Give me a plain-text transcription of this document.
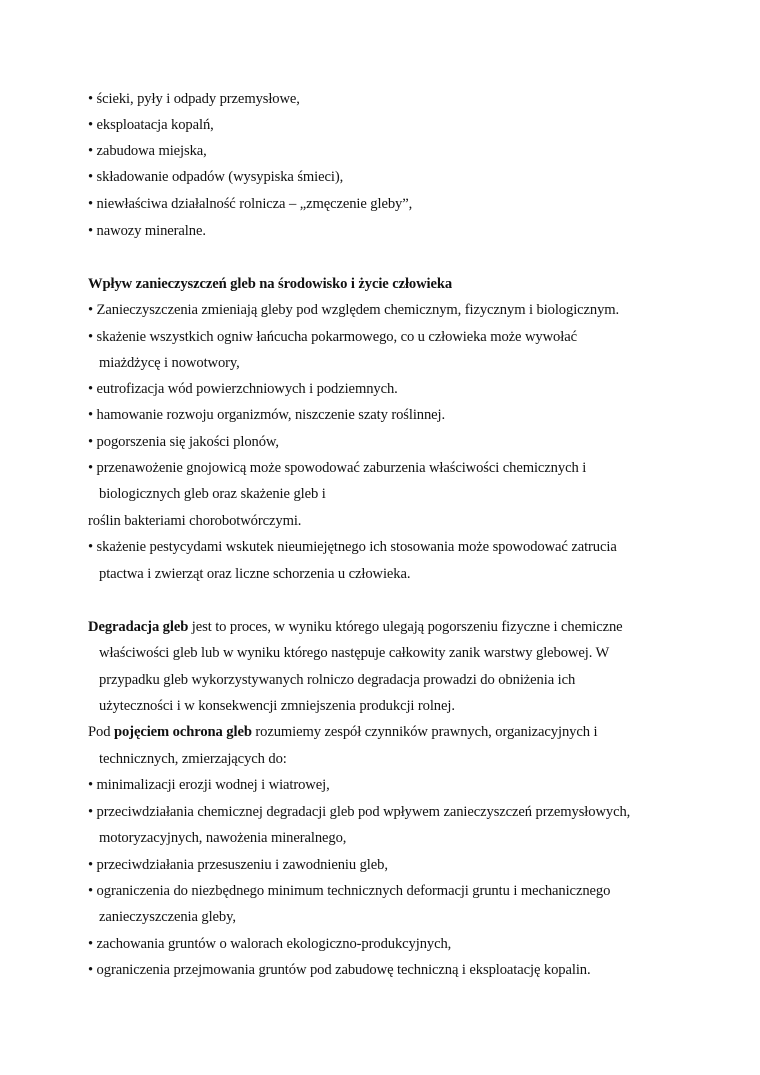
• ścieki, pyły i odpady przemysłowe,
• eksploatacja kopalń,
• zabudowa miejska,
• składowanie odpadów (wysypiska śmieci),
• niewłaściwa działalność rolnicza – „zmęczenie gleby”,
• nawozy mineralne.
Wpływ zanieczyszczeń gleb na środowisko i życie człowieka
• Zanieczyszczenia zmieniają gleby pod względem chemicznym, fizycznym i biologicznym.
• skażenie wszystkich ogniw łańcucha pokarmowego, co u człowieka może wywołać
miażdżycę i nowotwory,
• eutrofizacja wód powierzchniowych i podziemnych.
• hamowanie rozwoju organizmów, niszczenie szaty roślinnej.
• pogorszenia się jakości plonów,
• przenawożenie gnojowicą może spowodować zaburzenia właściwości chemicznych i
biologicznych gleb oraz skażenie gleb i
roślin bakteriami chorobotwórczymi.
• skażenie pestycydami wskutek nieumiejętnego ich stosowania może spowodować zatrucia
ptactwa i zwierząt oraz liczne schorzenia u człowieka.
Degradacja gleb jest to proces, w wyniku którego ulegają pogorszeniu fizyczne i chemiczne
właściwości gleb lub w wyniku którego następuje całkowity zanik warstwy glebowej. W
przypadku gleb wykorzystywanych rolniczo degradacja prowadzi do obniżenia ich
użyteczności i w konsekwencji zmniejszenia produkcji rolnej.
Pod pojęciem ochrona gleb rozumiemy zespół czynników prawnych, organizacyjnych i
technicznych, zmierzających do:
• minimalizacji erozji wodnej i wiatrowej,
• przeciwdziałania chemicznej degradacji gleb pod wpływem zanieczyszczeń przemysłowych,
motoryzacyjnych, nawożenia mineralnego,
• przeciwdziałania przesuszeniu i zawodnieniu gleb,
• ograniczenia do niezbędnego minimum technicznych deformacji gruntu i mechanicznego
zanieczyszczenia gleby,
• zachowania gruntów o walorach ekologiczno-produkcyjnych,
• ograniczenia przejmowania gruntów pod zabudowę techniczną i eksploatację kopalin.
